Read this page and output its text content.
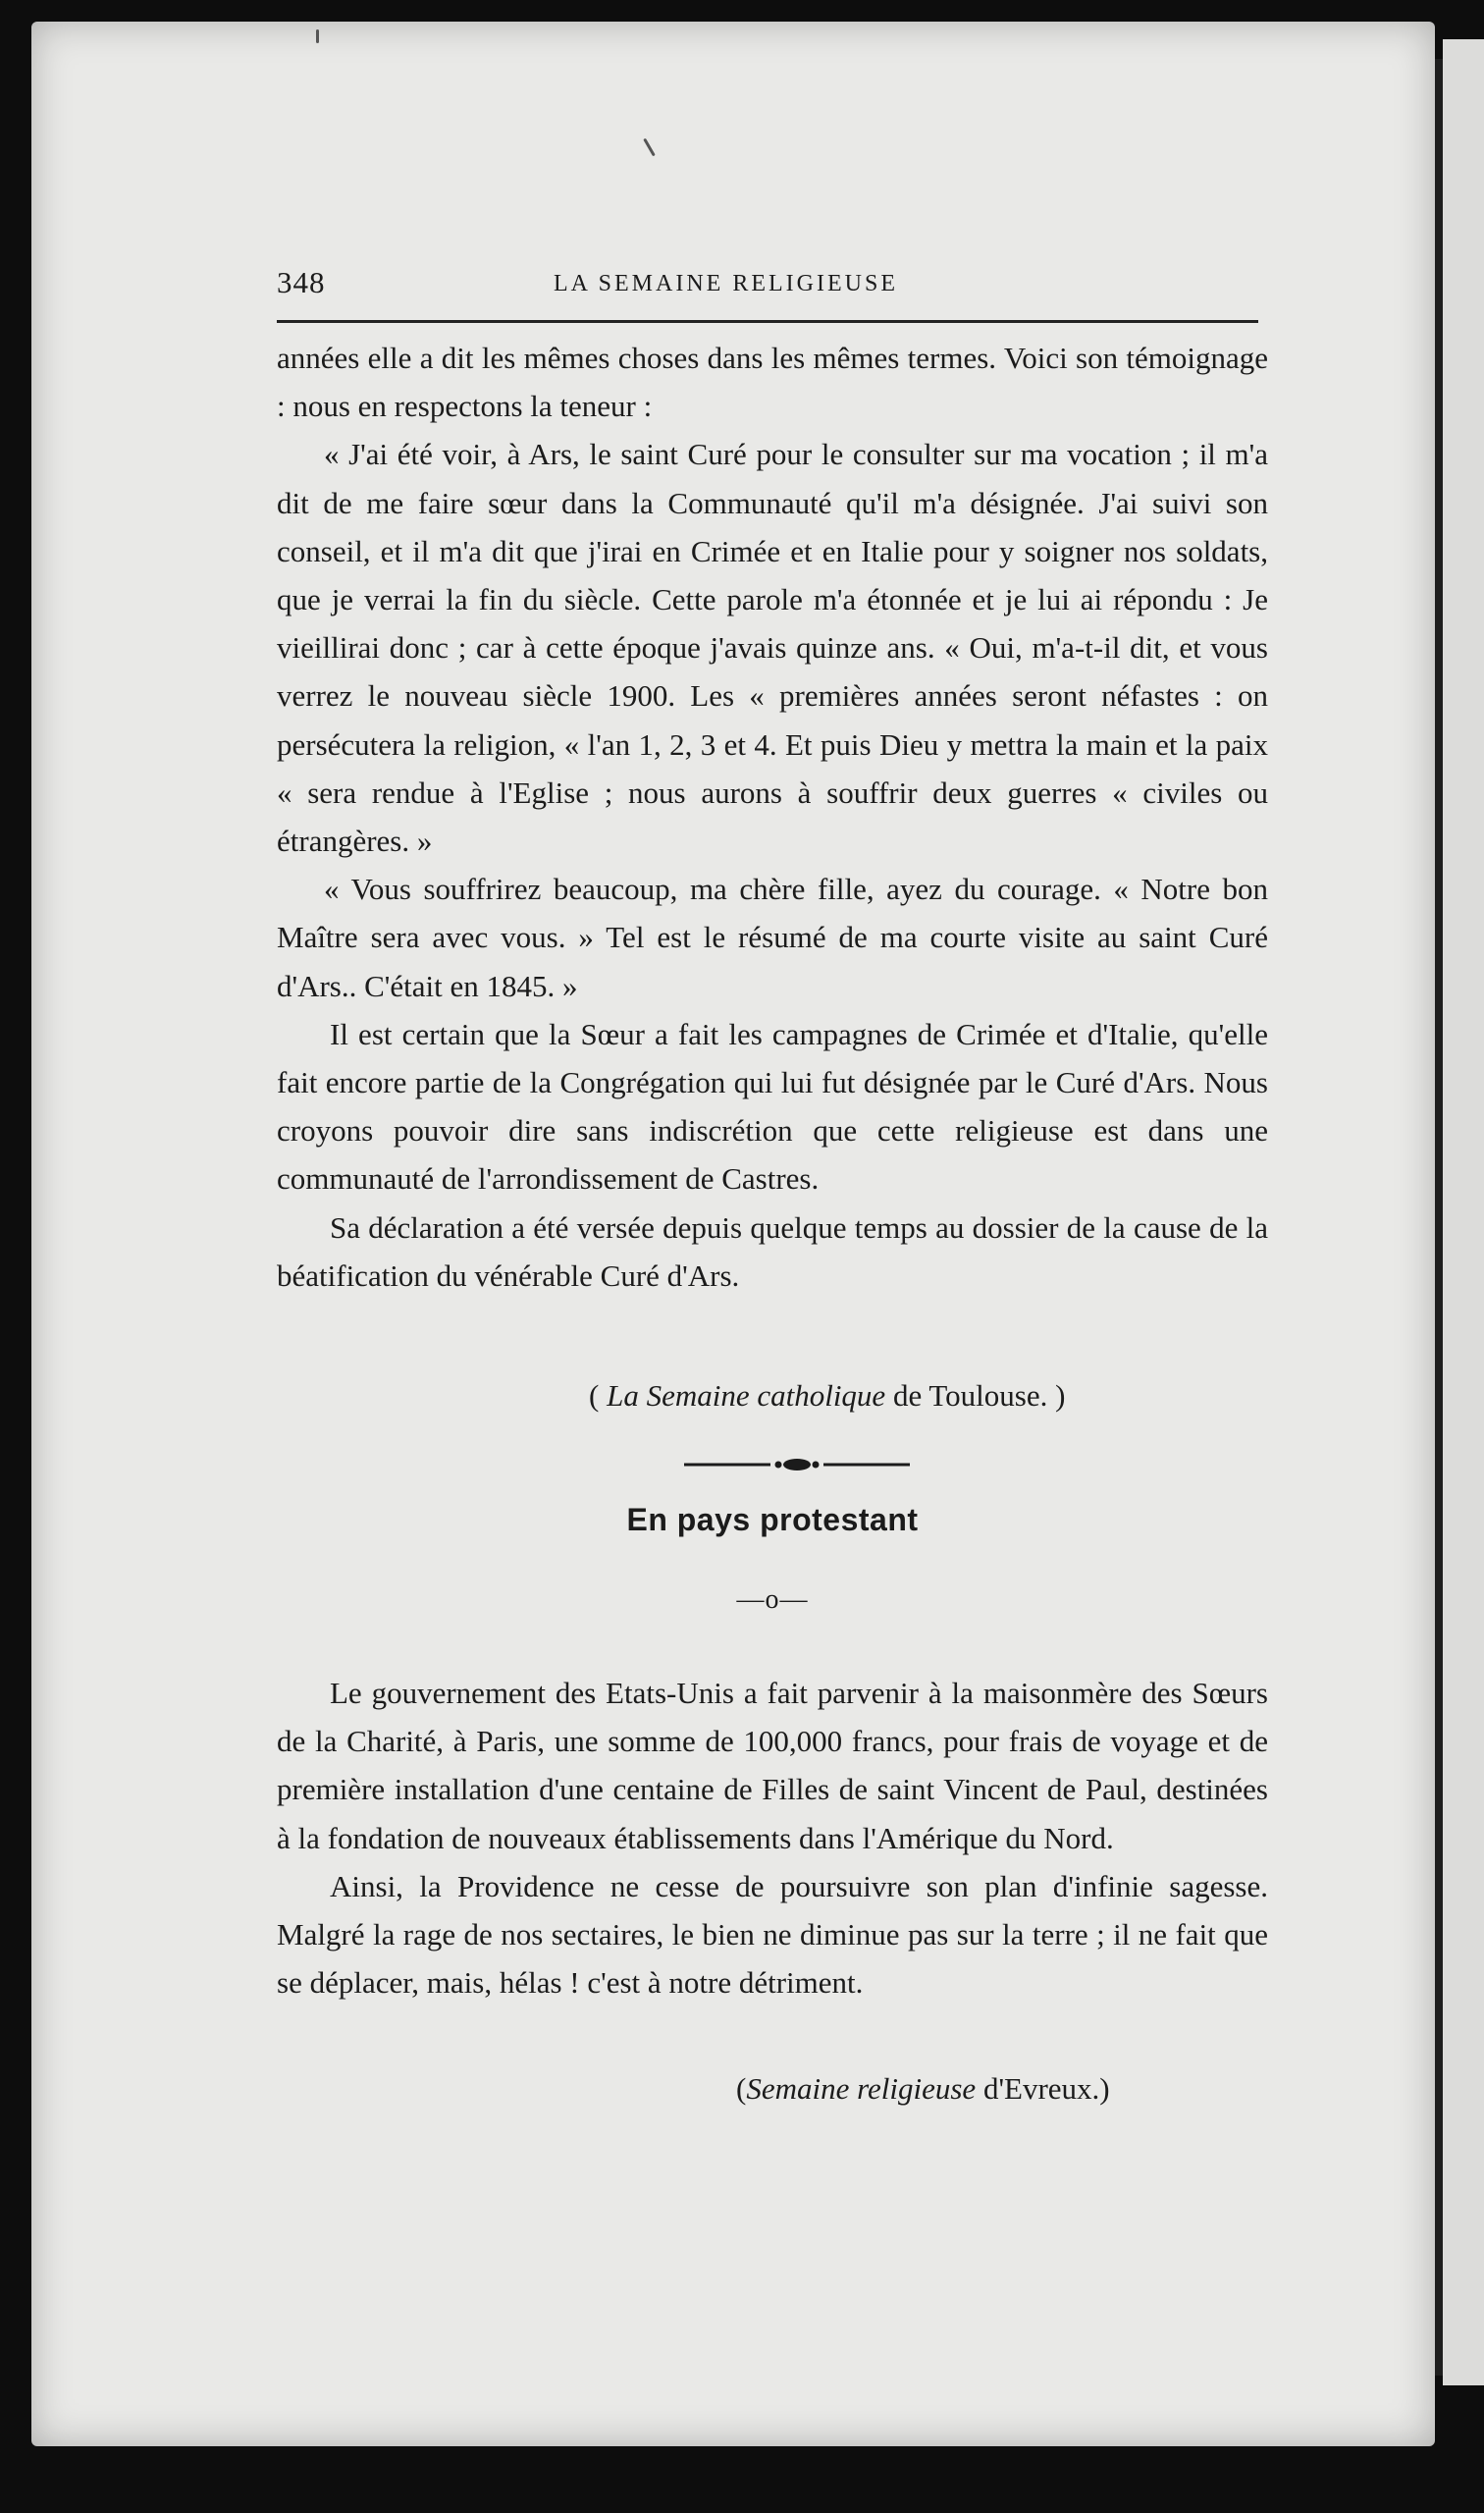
348	LA SEMAINE RELIGIEUSE

années elle a dit les mêmes choses dans les mêmes termes. Voici son témoignage : nous en respectons la teneur :

« J'ai été voir, à Ars, le saint Curé pour le consulter sur ma vocation ; il m'a dit de me faire sœur dans la Communauté qu'il m'a désignée. J'ai suivi son conseil, et il m'a dit que j'irai en Crimée et en Italie pour y soigner nos soldats, que je verrai la fin du siècle. Cette parole m'a étonnée et je lui ai répondu : Je vieillirai donc ; car à cette époque j'avais quinze ans. « Oui, m'a-t-il dit, et vous verrez le nouveau siècle 1900. Les « premières années seront néfastes : on persécutera la religion, « l'an 1, 2, 3 et 4. Et puis Dieu y mettra la main et la paix « sera rendue à l'Eglise ; nous aurons à souffrir deux guerres « civiles ou étrangères. »

« Vous souffrirez beaucoup, ma chère fille, ayez du courage. « Notre bon Maître sera avec vous. » Tel est le résumé de ma courte visite au saint Curé d'Ars.. C'était en 1845. »

Il est certain que la Sœur a fait les campagnes de Crimée et d'Italie, qu'elle fait encore partie de la Congrégation qui lui fut désignée par le Curé d'Ars. Nous croyons pouvoir dire sans indiscrétion que cette religieuse est dans une communauté de l'arrondissement de Castres.

Sa déclaration a été versée depuis quelque temps au dossier de la cause de la béatification du vénérable Curé d'Ars.

( La Semaine catholique de Toulouse. )
En pays protestant
—o—

Le gouvernement des Etats-Unis a fait parvenir à la maisonmère des Sœurs de la Charité, à Paris, une somme de 100,000 francs, pour frais de voyage et de première installation d'une centaine de Filles de saint Vincent de Paul, destinées à la fondation de nouveaux établissements dans l'Amérique du Nord.

Ainsi, la Providence ne cesse de poursuivre son plan d'infinie sagesse. Malgré la rage de nos sectaires, le bien ne diminue pas sur la terre ; il ne fait que se déplacer, mais, hélas ! c'est à notre détriment.

(Semaine religieuse d'Evreux.)
